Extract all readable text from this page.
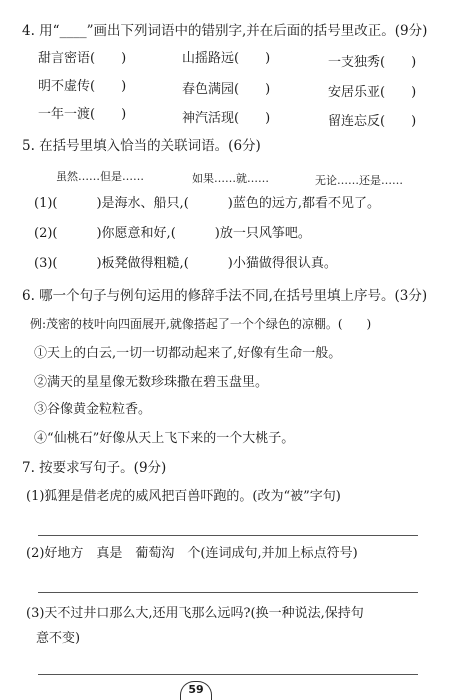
4. 用“____”画出下列词语中的错别字,并在后面的括号里改正。(9分)
甜言密语(　　)	山摇路远(　　)	一支独秀(　　)
明不虚传(　　)	春色满园(　　)	安居乐亚(　　)
一年一渡(　　)	神汽活现(　　)	留连忘反(　　)
5. 在括号里填入恰当的关联词语。(6分)
虽然……但是……	如果……就……	无论……还是……
(1)(　　　)是海水、船只,(　　　)蓝色的远方,都看不见了。
(2)(　　　)你愿意和好,(　　　)放一只风筝吧。
(3)(　　　)板凳做得粗糙,(　　　)小猫做得很认真。
6. 哪一个句子与例句运用的修辞手法不同,在括号里填上序号。(3分)
例:茂密的枝叶向四面展开,就像搭起了一个个绿色的凉棚。(　　)
①天上的白云,一切一切都动起来了,好像有生命一般。
②满天的星星像无数珍珠撒在碧玉盘里。
③谷像黄金粒粒香。
④“仙桃石”好像从天上飞下来的一个大桃子。
7. 按要求写句子。(9分)
(1)狐狸是借老虎的威风把百兽吓跑的。(改为“被”字句)
(2)好地方　真是　葡萄沟　个(连词成句,并加上标点符号)
(3)天不过井口那么大,还用飞那么远吗?(换一种说法,保持句
意不变)
59
